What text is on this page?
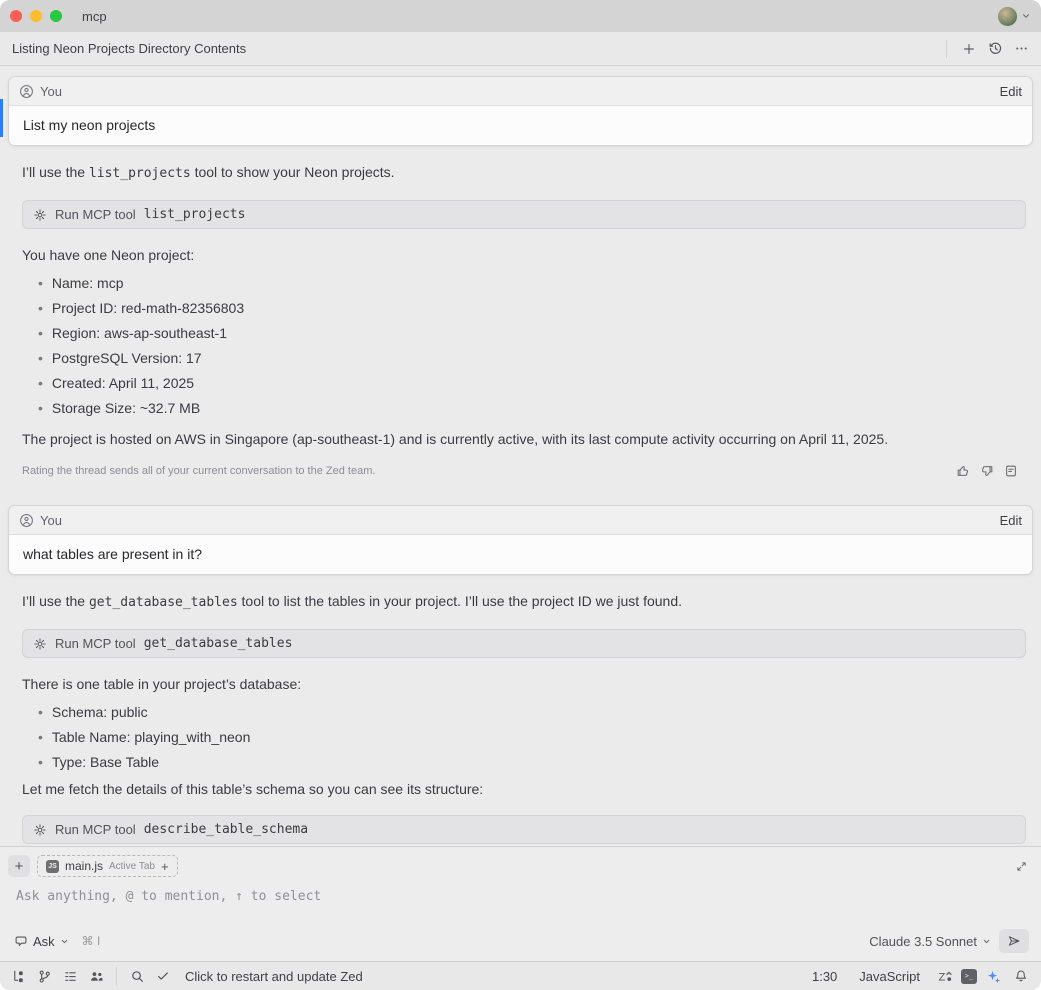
mcp
Listing Neon Projects Directory Contents
You	Edit
List my neon projects

I’ll use the list_projects tool to show your Neon projects.

Run MCP tool list_projects

You have one Neon project:

• Name: mcp
• Project ID: red-math-82356803
• Region: aws-ap-southeast-1
• PostgreSQL Version: 17
• Created: April 11, 2025
• Storage Size: ~32.7 MB

The project is hosted on AWS in Singapore (ap-southeast-1) and is currently active, with its last compute activity occurring on April 11, 2025.

Rating the thread sends all of your current conversation to the Zed team.
You	Edit
what tables are present in it?

I’ll use the get_database_tables tool to list the tables in your project. I’ll use the project ID we just found.

Run MCP tool get_database_tables

There is one table in your project’s database:

• Schema: public
• Table Name: playing_with_neon
• Type: Base Table

Let me fetch the details of this table’s schema so you can see its structure:

Run MCP tool describe_table_schema
+	JS main.js Active Tab +
Ask anything, @ to mention, ↑ to select
Ask ⌘ I	Claude 3.5 Sonnet
Click to restart and update Zed	1:30	JavaScript	Z	>_
